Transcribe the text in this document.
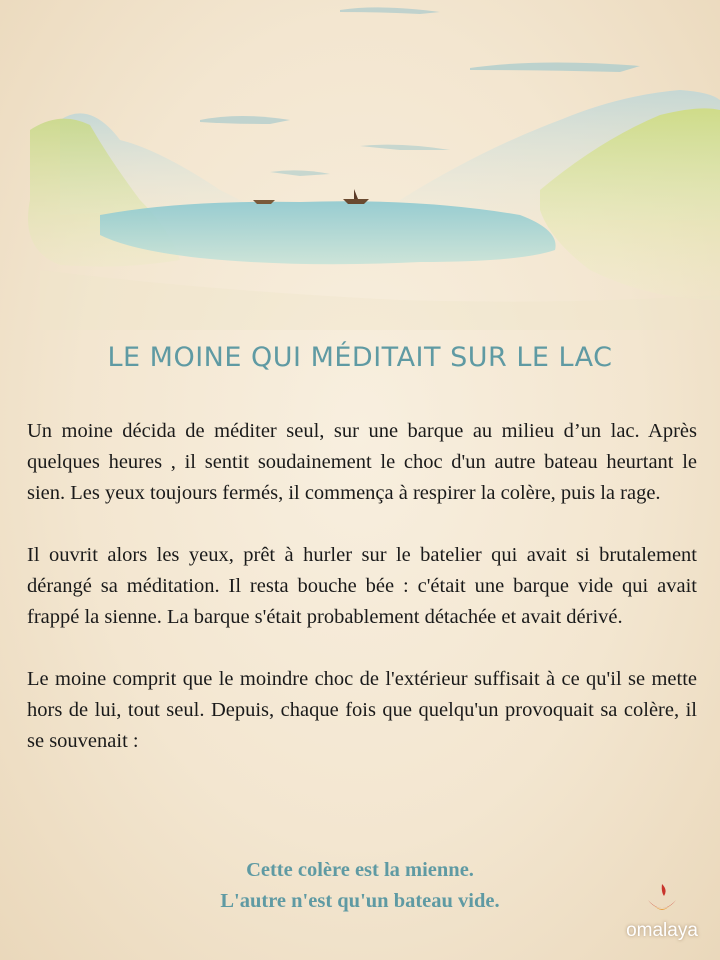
LE MOINE QUI MÉDITAIT SUR LE LAC

Un moine décida de méditer seul, sur une barque au milieu d’un lac. Après quelques heures , il sentit soudainement le choc d'un autre bateau heurtant le sien. Les yeux toujours fermés, il commença à respirer la colère, puis la rage.

Il ouvrit alors les yeux, prêt à hurler sur le batelier qui avait si brutalement dérangé sa méditation. Il resta bouche bée : c'était une barque vide qui avait frappé la sienne. La barque s'était probablement détachée et avait dérivé.

Le moine comprit que le moindre choc de l'extérieur suffisait à ce qu'il se mette hors de lui, tout seul. Depuis, chaque fois que quelqu'un provoquait sa colère, il se souvenait :

Cette colère est la mienne.
L'autre n'est qu'un bateau vide.
omalaya
